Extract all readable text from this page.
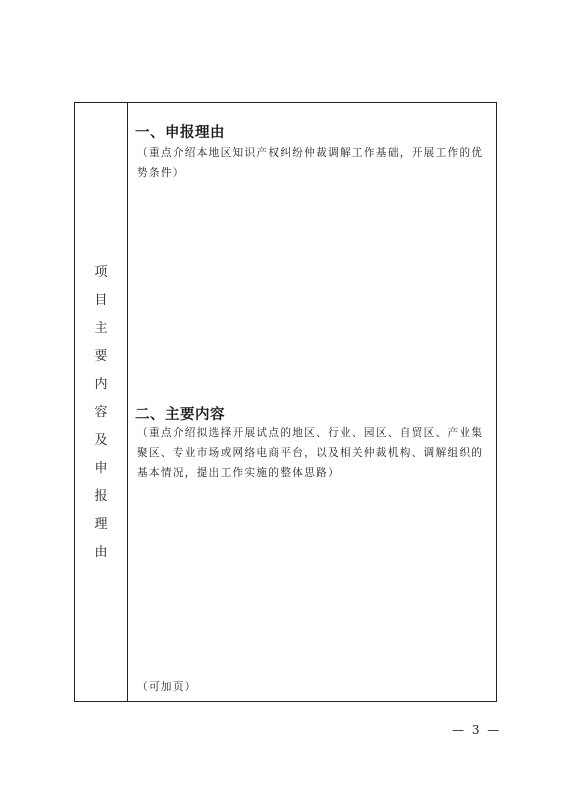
项
目
主
要
内
容
及
申
报
理
由
一、申报理由
（重点介绍本地区知识产权纠纷仲裁调解工作基础，开展工作的优势条件）
二、主要内容
（重点介绍拟选择开展试点的地区、行业、园区、自贸区、产业集聚区、专业市场或网络电商平台，以及相关仲裁机构、调解组织的基本情况，提出工作实施的整体思路）
（可加页）
— 3 —
